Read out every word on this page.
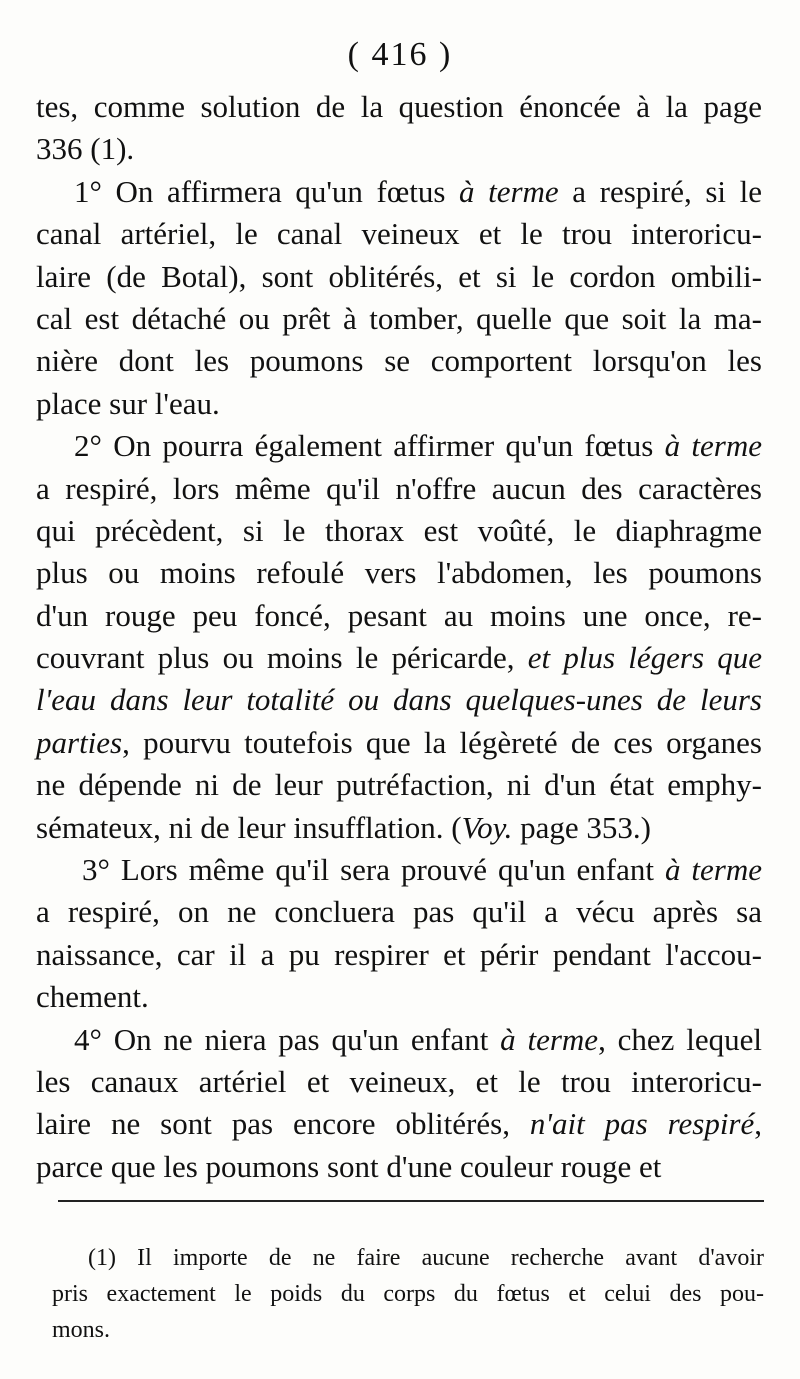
( 416 )
tes, comme solution de la question énoncée à la page
336 (1).
1° On affirmera qu'un fœtus à terme a respiré, si le
canal artériel, le canal veineux et le trou interoricu-
laire (de Botal), sont oblitérés, et si le cordon ombili-
cal est détaché ou prêt à tomber, quelle que soit la ma-
nière dont les poumons se comportent lorsqu'on les
place sur l'eau.
2° On pourra également affirmer qu'un fœtus à terme
a respiré, lors même qu'il n'offre aucun des caractères
qui précèdent, si le thorax est voûté, le diaphragme
plus ou moins refoulé vers l'abdomen, les poumons
d'un rouge peu foncé, pesant au moins une once, re-
couvrant plus ou moins le péricarde, et plus légers que
l'eau dans leur totalité ou dans quelques-unes de leurs
parties, pourvu toutefois que la légèreté de ces organes
ne dépende ni de leur putréfaction, ni d'un état emphy-
sémateux, ni de leur insufflation. (Voy. page 353.)
3° Lors même qu'il sera prouvé qu'un enfant à terme
a respiré, on ne concluera pas qu'il a vécu après sa
naissance, car il a pu respirer et périr pendant l'accou-
chement.
4° On ne niera pas qu'un enfant à terme, chez lequel
les canaux artériel et veineux, et le trou interoricu-
laire ne sont pas encore oblitérés, n'ait pas respiré,
parce que les poumons sont d'une couleur rouge et
(1) Il importe de ne faire aucune recherche avant d'avoir
pris exactement le poids du corps du fœtus et celui des pou-
mons.
